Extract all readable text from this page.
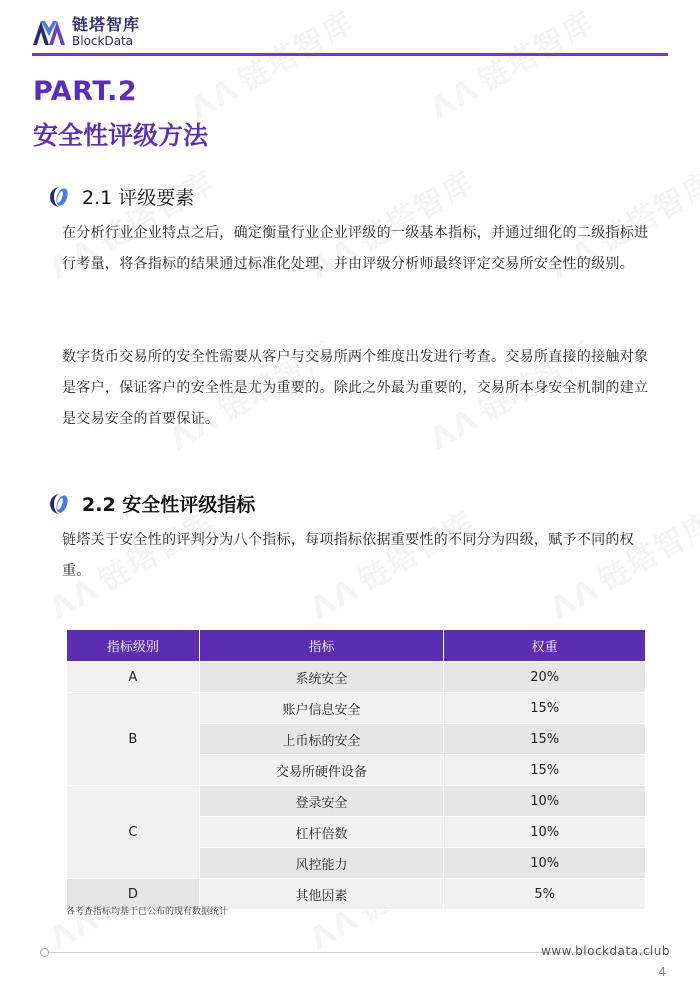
链塔智库
BlockData
PART.2
安全性评级方法
2.1 评级要素
在分析行业企业特点之后，确定衡量行业企业评级的一级基本指标，并通过细化的二级指标进行考量，将各指标的结果通过标准化处理，并由评级分析师最终评定交易所安全性的级别。
数字货币交易所的安全性需要从客户与交易所两个维度出发进行考查。交易所直接的接触对象是客户，保证客户的安全性是尤为重要的。除此之外最为重要的，交易所本身安全机制的建立是交易安全的首要保证。
2.2 安全性评级指标
链塔关于安全性的评判分为八个指标，每项指标依据重要性的不同分为四级，赋予不同的权重。
指标级别	指标	权重
A	系统安全	20%
B	账户信息安全	15%
	上币标的安全	15%
	交易所硬件设备	15%
C	登录安全	10%
	杠杆倍数	10%
	风控能力	10%
D	其他因素	5%
各考查指标均基于已公布的现有数据统计
www.blockdata.club
4
